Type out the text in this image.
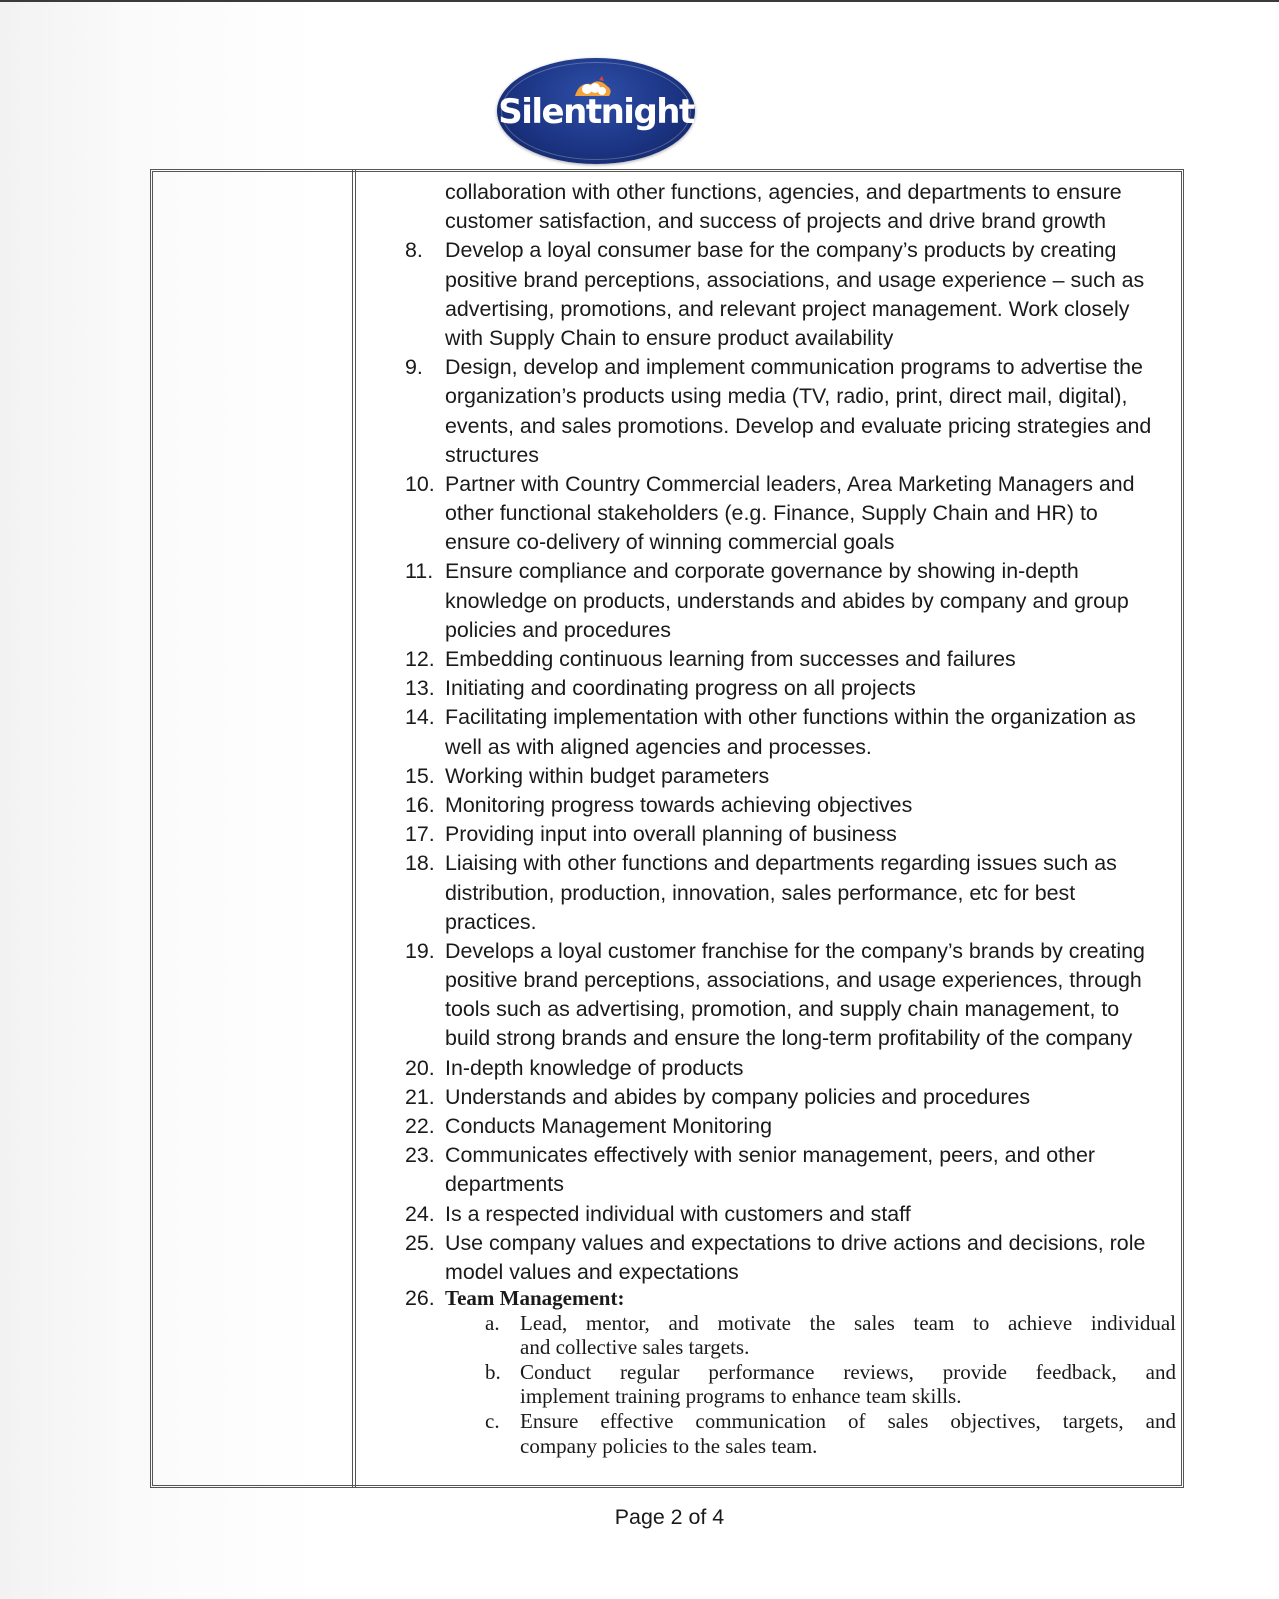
Silentnight
collaboration with other functions, agencies, and departments to ensure
customer satisfaction, and success of projects and drive brand growth
8. Develop a loyal consumer base for the company’s products by creating
positive brand perceptions, associations, and usage experience – such as
advertising, promotions, and relevant project management. Work closely
with Supply Chain to ensure product availability
9. Design, develop and implement communication programs to advertise the
organization’s products using media (TV, radio, print, direct mail, digital),
events, and sales promotions. Develop and evaluate pricing strategies and
structures
10. Partner with Country Commercial leaders, Area Marketing Managers and
other functional stakeholders (e.g. Finance, Supply Chain and HR) to
ensure co-delivery of winning commercial goals
11. Ensure compliance and corporate governance by showing in-depth
knowledge on products, understands and abides by company and group
policies and procedures
12. Embedding continuous learning from successes and failures
13. Initiating and coordinating progress on all projects
14. Facilitating implementation with other functions within the organization as
well as with aligned agencies and processes.
15. Working within budget parameters
16. Monitoring progress towards achieving objectives
17. Providing input into overall planning of business
18. Liaising with other functions and departments regarding issues such as
distribution, production, innovation, sales performance, etc for best
practices.
19. Develops a loyal customer franchise for the company’s brands by creating
positive brand perceptions, associations, and usage experiences, through
tools such as advertising, promotion, and supply chain management, to
build strong brands and ensure the long-term profitability of the company
20. In-depth knowledge of products
21. Understands and abides by company policies and procedures
22. Conducts Management Monitoring
23. Communicates effectively with senior management, peers, and other
departments
24. Is a respected individual with customers and staff
25. Use company values and expectations to drive actions and decisions, role
model values and expectations
26. Team Management:
a. Lead, mentor, and motivate the sales team to achieve individual
and collective sales targets.
b. Conduct regular performance reviews, provide feedback, and
implement training programs to enhance team skills.
c. Ensure effective communication of sales objectives, targets, and
company policies to the sales team.
Page 2 of 4
